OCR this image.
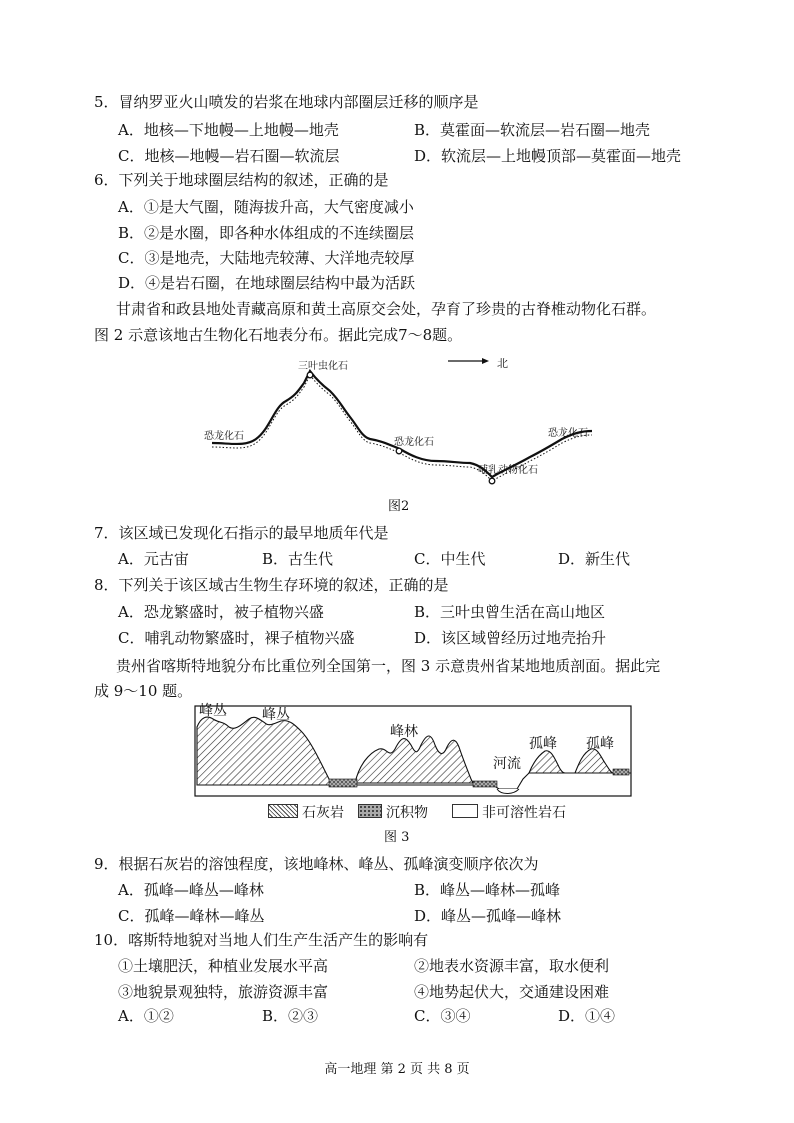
5．冒纳罗亚火山喷发的岩浆在地球内部圈层迁移的顺序是
A．地核—下地幔—上地幔—地壳	B．莫霍面—软流层—岩石圈—地壳
C．地核—地幔—岩石圈—软流层	D．软流层—上地幔顶部—莫霍面—地壳
6．下列关于地球圈层结构的叙述，正确的是
A．①是大气圈，随海拔升高，大气密度减小
B．②是水圈，即各种水体组成的不连续圈层
C．③是地壳，大陆地壳较薄、大洋地壳较厚
D．④是岩石圈，在地球圈层结构中最为活跃
甘肃省和政县地处青藏高原和黄土高原交会处，孕育了珍贵的古脊椎动物化石群。
图 2 示意该地古生物化石地表分布。据此完成7～8题。
三叶虫化石	北
恐龙化石
恐龙化石
恐龙化石
哺乳动物化石
图2
7．该区域已发现化石指示的最早地质年代是
A．元古宙	B．古生代	C．中生代	D．新生代
8．下列关于该区域古生物生存环境的叙述，正确的是
A．恐龙繁盛时，被子植物兴盛	B．三叶虫曾生活在高山地区
C．哺乳动物繁盛时，裸子植物兴盛	D．该区域曾经历过地壳抬升
贵州省喀斯特地貌分布比重位列全国第一，图 3 示意贵州省某地地质剖面。据此完
成 9～10 题。
峰丛	峰丛
峰林
河流
孤峰 孤峰
石灰岩	沉积物	非可溶性岩石
图 3
9．根据石灰岩的溶蚀程度，该地峰林、峰丛、孤峰演变顺序依次为
A．孤峰—峰丛—峰林	B．峰丛—峰林—孤峰
C．孤峰—峰林—峰丛	D．峰丛—孤峰—峰林
10．喀斯特地貌对当地人们生产生活产生的影响有
①土壤肥沃，种植业发展水平高	②地表水资源丰富，取水便利
③地貌景观独特，旅游资源丰富	④地势起伏大，交通建设困难
A．①②	B．②③	C．③④	D．①④
高一地理 第 2 页 共 8 页
